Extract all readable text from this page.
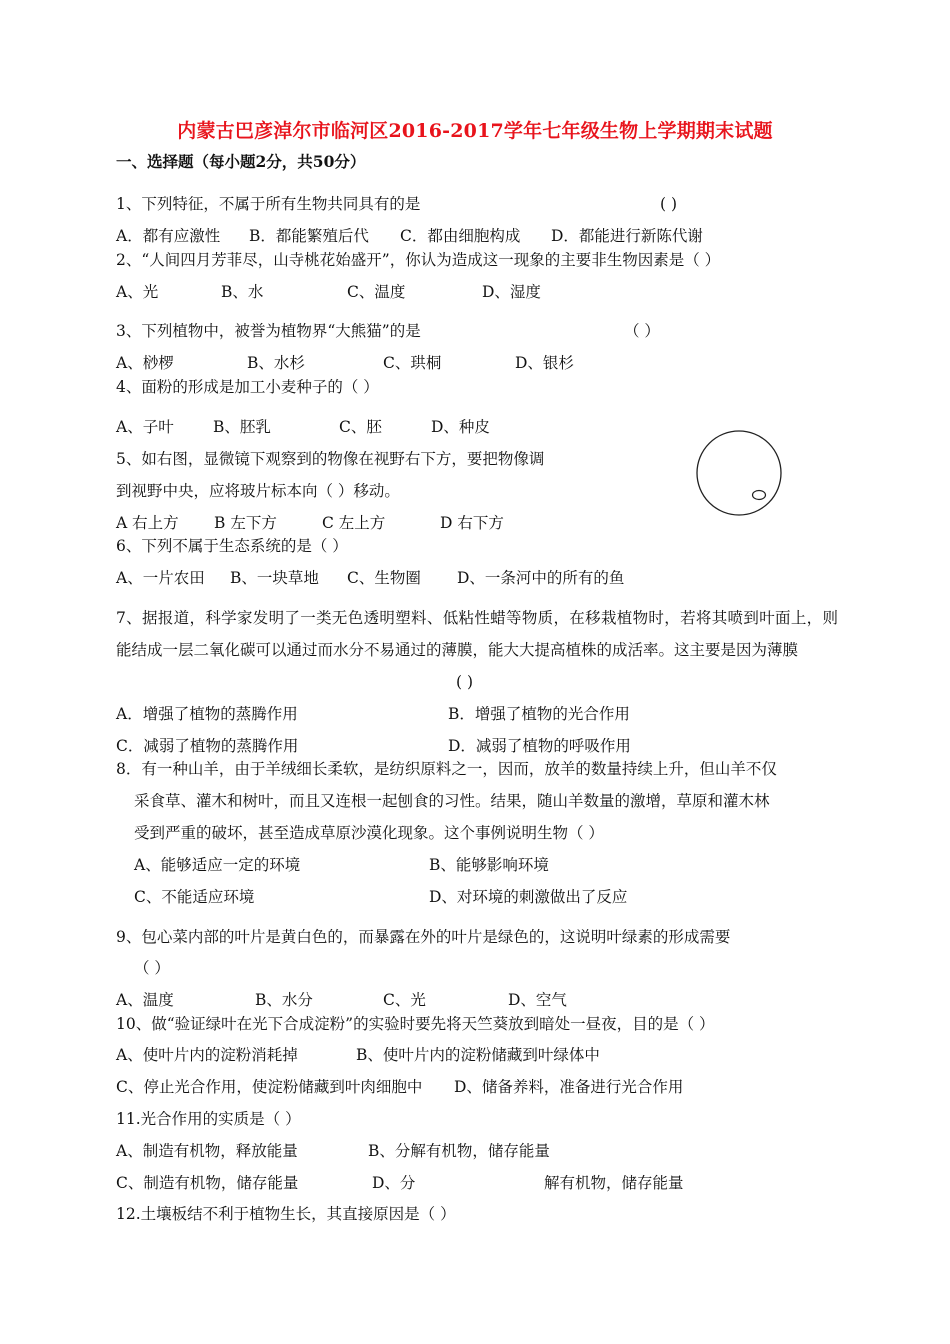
内蒙古巴彦淖尔市临河区2016-2017学年七年级生物上学期期末试题
一、选择题（每小题2分，共50分）
1、下列特征，不属于所有生物共同具有的是	( )
A．都有应激性 B．都能繁殖后代 C．都由细胞构成 D．都能进行新陈代谢
2、“人间四月芳菲尽，山寺桃花始盛开”，你认为造成这一现象的主要非生物因素是（ ）
A、光	B、水	C、温度	D、湿度
3、下列植物中，被誉为植物界“大熊猫”的是	（ ）
A、桫椤	B、水杉	C、珙桐	D、银杉
4、面粉的形成是加工小麦种子的（ ）
A、子叶	B、胚乳	C、胚	D、种皮
5、如右图，显微镜下观察到的物像在视野右下方，要把物像调
到视野中央，应将玻片标本向（ ）移动。
A 右上方 B 左下方	C 左上方	D 右下方
6、下列不属于生态系统的是（ ）
A、一片农田 B、一块草地 C、生物圈 D、一条河中的所有的鱼
7、据报道，科学家发明了一类无色透明塑料、低粘性蜡等物质，在移栽植物时，若将其喷到叶面上，则能结成一层二氧化碳可以通过而水分不易通过的薄膜，能大大提高植株的成活率。这主要是因为薄膜
( )
A．增强了植物的蒸腾作用	B．增强了植物的光合作用
C．减弱了植物的蒸腾作用	D．减弱了植物的呼吸作用
8．有一种山羊，由于羊绒细长柔软，是纺织原料之一，因而，放羊的数量持续上升，但山羊不仅
采食草、灌木和树叶，而且又连根一起刨食的习性。结果，随山羊数量的激增，草原和灌木林
受到严重的破坏，甚至造成草原沙漠化现象。这个事例说明生物（ ）
A、能够适应一定的环境	B、能够影响环境
C、不能适应环境	D、对环境的刺激做出了反应
9、包心菜内部的叶片是黄白色的，而暴露在外的叶片是绿色的，这说明叶绿素的形成需要
（ ）
A、温度	B、水分	C、光	D、空气
10、做“验证绿叶在光下合成淀粉”的实验时要先将天竺葵放到暗处一昼夜，目的是（ ）
A、使叶片内的淀粉消耗掉	B、使叶片内的淀粉储藏到叶绿体中
C、停止光合作用，使淀粉储藏到叶肉细胞中 D、储备养料，准备进行光合作用
11.光合作用的实质是（ ）
A、制造有机物，释放能量	B、分解有机物，储存能量
C、制造有机物，储存能量	D、分	解有机物，储存能量
12.土壤板结不利于植物生长，其直接原因是（ ）
